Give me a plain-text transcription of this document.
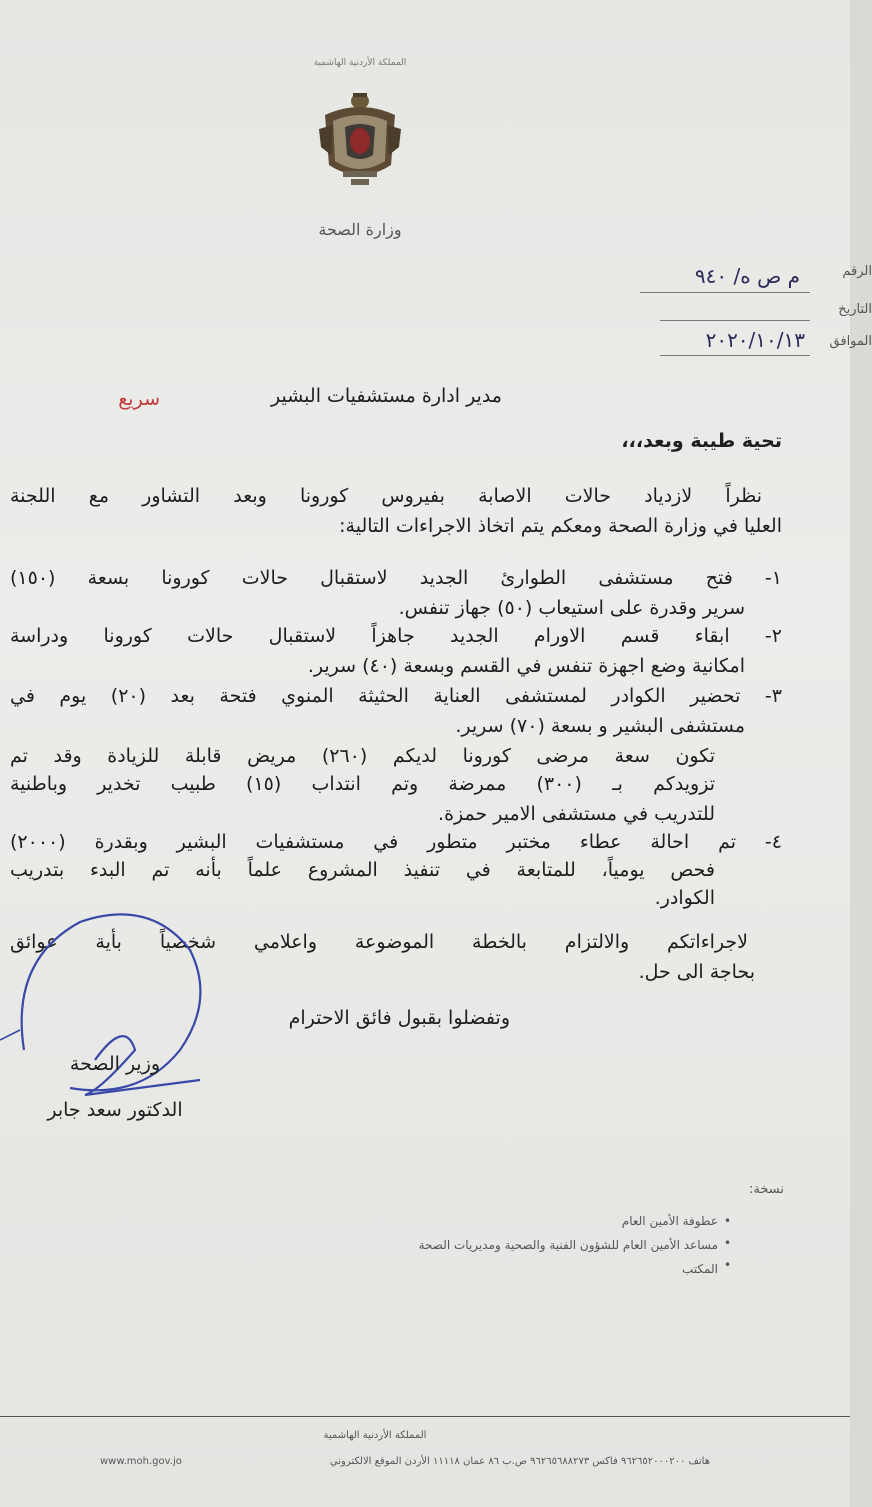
المملكة الأردنية الهاشمية
وزارة الصحة
الرقم
م ص ه/ ٩٤٠
التاريخ
الموافق
٢٠٢٠/١٠/١٣
مدير ادارة مستشفيات البشير
سريع
تحية طيبة وبعد،،،
نظراً لازدياد حالات الاصابة بفيروس كورونا وبعد التشاور مع اللجنة
العليا في وزارة الصحة ومعكم يتم اتخاذ الاجراءات التالية:
١- فتح مستشفى الطوارئ الجديد لاستقبال حالات كورونا بسعة (١٥٠)
سرير وقدرة على استيعاب (٥٠) جهاز تنفس.
٢- ابقاء قسم الاورام الجديد جاهزاً لاستقبال حالات كورونا ودراسة
امكانية وضع اجهزة تنفس في القسم وبسعة (٤٠) سرير.
٣- تحضير الكوادر لمستشفى العناية الحثيثة المنوي فتحة بعد (٢٠) يوم في
مستشفى البشير و بسعة (٧٠) سرير.
تكون سعة مرضى كورونا لديكم (٢٦٠) مريض قابلة للزيادة وقد تم
تزويدكم بـ (٣٠٠) ممرضة وتم انتداب (١٥) طبيب تخدير وباطنية
للتدريب في مستشفى الامير حمزة.
٤- تم احالة عطاء مختبر متطور في مستشفيات البشير وبقدرة (٢٠٠٠)
فحص يومياً، للمتابعة في تنفيذ المشروع علماً بأنه تم البدء بتدريب
الكوادر.
لاجراءاتكم والالتزام بالخطة الموضوعة واعلامي شخصياً بأية عوائق
بحاجة الى حل.
وتفضلوا بقبول فائق الاحترام
وزير الصحة
الدكتور سعد جابر
نسخة:
عطوفة الأمين العام
مساعد الأمين العام للشؤون الفنية والصحية ومديريات الصحة
المكتب
•
•
•
المملكة الأردنية الهاشمية
هاتف ٩٦٢٦٥٢٠٠٠٢٠٠ فاكس ٩٦٢٦٥٦٨٨٢٧٣ ص.ب ٨٦ عمان ١١١١٨ الأردن الموقع الالكتروني
www.moh.gov.jo
